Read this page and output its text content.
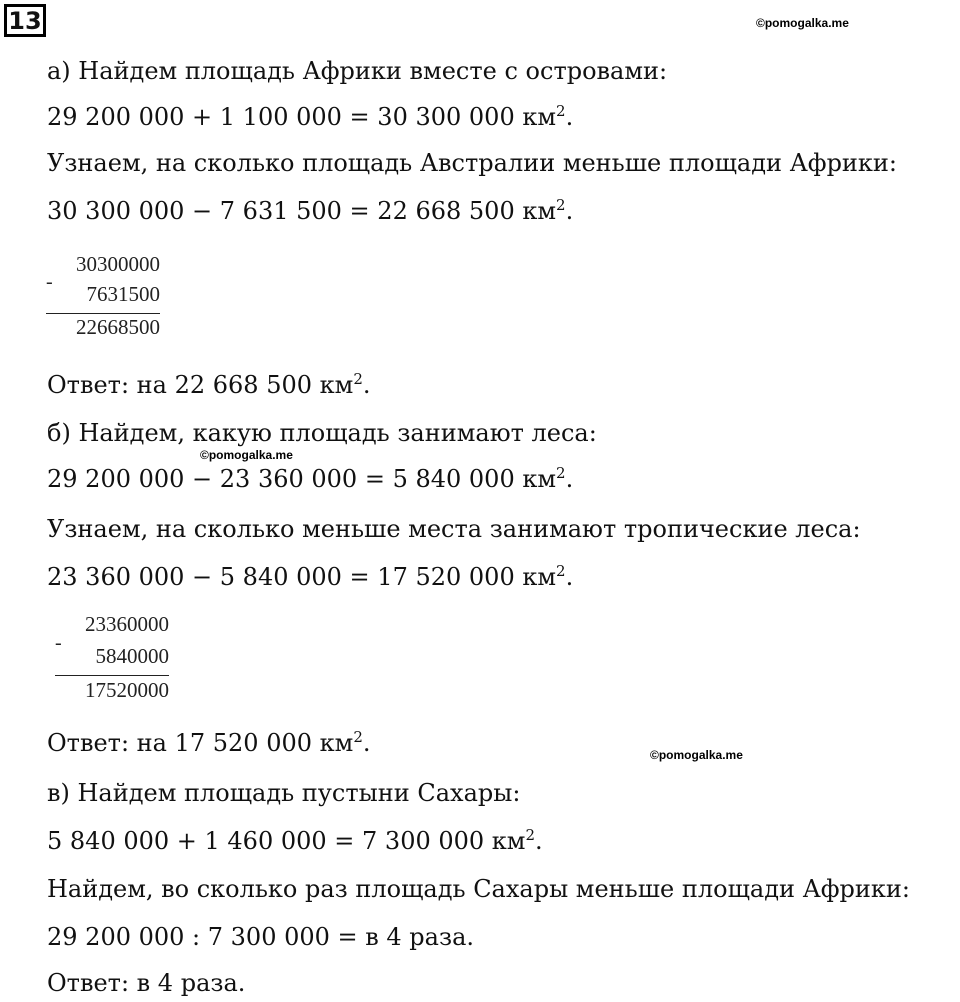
13	©pomogalka.me
©pomogalka.me
©pomogalka.me
а) Найдем площадь Африки вместе с островами:
29 200 000 + 1 100 000 = 30 300 000 $км^2$.
Узнаем, на сколько площадь Австралии меньше площади Африки:
30 300 000 − 7 631 500 = 22 668 500 $км^2$.
30300000
- 7631500
22668500
Ответ: на 22 668 500 $км^2$.
б) Найдем, какую площадь занимают леса:
29 200 000 − 23 360 000 = 5 840 000 $км^2$.
Узнаем, на сколько меньше места занимают тропические леса:
23 360 000 − 5 840 000 = 17 520 000 $км^2$.
23360000
-
5840000
17520000
Ответ: на 17 520 000 $км^2$.
в) Найдем площадь пустыни Сахары:
5 840 000 + 1 460 000 = 7 300 000 $км^2$.
Найдем, во сколько раз площадь Сахары меньше площади Африки:
29 200 000 : 7 300 000 = в 4 раза.
Ответ: в 4 раза.
